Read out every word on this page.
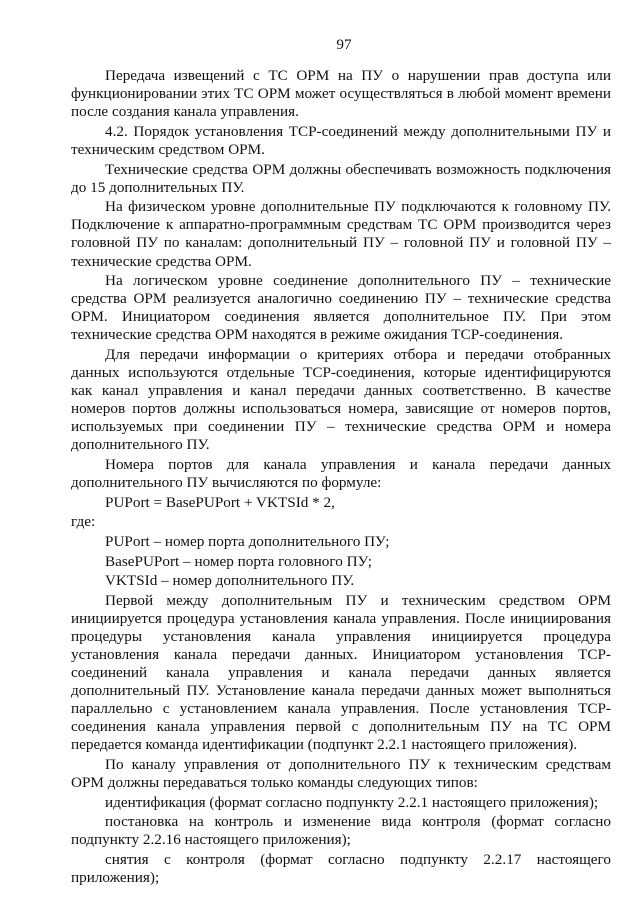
97

Передача извещений с ТС ОРМ на ПУ о нарушении прав доступа или функционировании этих ТС ОРМ может осуществляться в любой момент времени после создания канала управления.

4.2. Порядок установления TCP-соединений между дополнительными ПУ и техническим средством ОРМ.

Технические средства ОРМ должны обеспечивать возможность подключения до 15 дополнительных ПУ.

На физическом уровне дополнительные ПУ подключаются к головному ПУ. Подключение к аппаратно-программным средствам ТС ОРМ производится через головной ПУ по каналам: дополнительный ПУ – головной ПУ и головной ПУ – технические средства ОРМ.

На логическом уровне соединение дополнительного ПУ – технические средства ОРМ реализуется аналогично соединению ПУ – технические средства ОРМ. Инициатором соединения является дополнительное ПУ. При этом технические средства ОРМ находятся в режиме ожидания TCP-соединения.

Для передачи информации о критериях отбора и передачи отобранных данных используются отдельные TCP-соединения, которые идентифицируются как канал управления и канал передачи данных соответственно. В качестве номеров портов должны использоваться номера, зависящие от номеров портов, используемых при соединении ПУ – технические средства ОРМ и номера дополнительного ПУ.

Номера портов для канала управления и канала передачи данных дополнительного ПУ вычисляются по формуле:

PUPort = BasePUPort + VKTSId * 2,

где:

PUPort – номер порта дополнительного ПУ;

BasePUPort – номер порта головного ПУ;

VKTSId – номер дополнительного ПУ.

Первой между дополнительным ПУ и техническим средством ОРМ инициируется процедура установления канала управления. После инициирования процедуры установления канала управления инициируется процедура установления канала передачи данных. Инициатором установления TCP-соединений канала управления и канала передачи данных является дополнительный ПУ. Установление канала передачи данных может выполняться параллельно с установлением канала управления. После установления TCP-соединения канала управления первой с дополнительным ПУ на ТС ОРМ передается команда идентификации (подпункт 2.2.1 настоящего приложения).

По каналу управления от дополнительного ПУ к техническим средствам ОРМ должны передаваться только команды следующих типов:

идентификация (формат согласно подпункту 2.2.1 настоящего приложения);

постановка на контроль и изменение вида контроля (формат согласно подпункту 2.2.16 настоящего приложения);

снятия с контроля (формат согласно подпункту 2.2.17 настоящего приложения);
